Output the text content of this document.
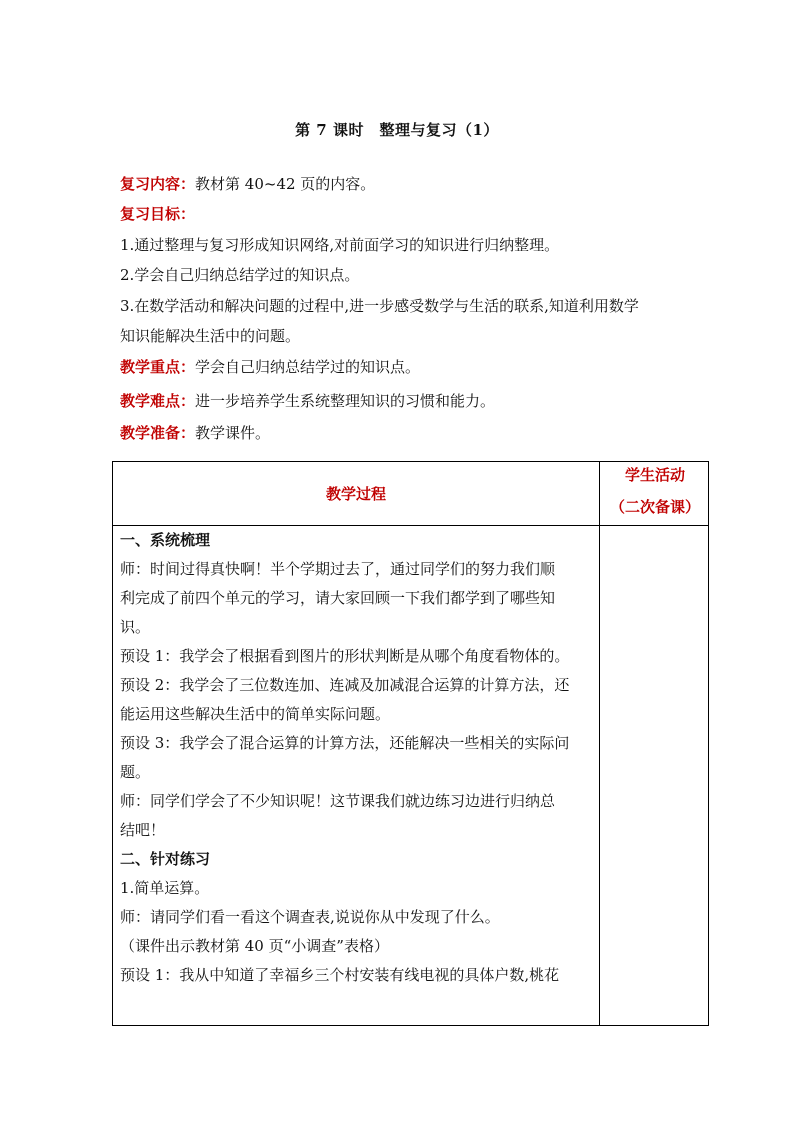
第 7 课时　整理与复习（1）
复习内容：教材第 40~42 页的内容。
复习目标：
1.通过整理与复习形成知识网络,对前面学习的知识进行归纳整理。
2.学会自己归纳总结学过的知识点。
3.在数学活动和解决问题的过程中,进一步感受数学与生活的联系,知道利用数学
知识能解决生活中的问题。
教学重点：学会自己归纳总结学过的知识点。
教学难点：进一步培养学生系统整理知识的习惯和能力。
教学准备：教学课件。
教学过程
学生活动
（二次备课）
一、系统梳理
师：时间过得真快啊！半个学期过去了，通过同学们的努力我们顺
利完成了前四个单元的学习，请大家回顾一下我们都学到了哪些知
识。
预设 1：我学会了根据看到图片的形状判断是从哪个角度看物体的。
预设 2：我学会了三位数连加、连减及加减混合运算的计算方法，还
能运用这些解决生活中的简单实际问题。
预设 3：我学会了混合运算的计算方法，还能解决一些相关的实际问
题。
师：同学们学会了不少知识呢！这节课我们就边练习边进行归纳总
结吧！
二、针对练习
1.简单运算。
师：请同学们看一看这个调查表,说说你从中发现了什么。
（课件出示教材第 40 页“小调查”表格）
预设 1：我从中知道了幸福乡三个村安装有线电视的具体户数,桃花
